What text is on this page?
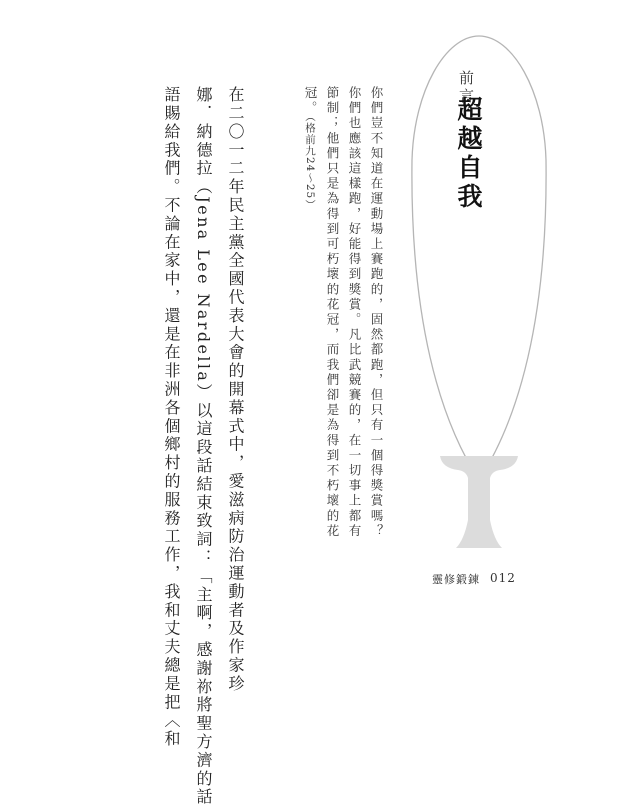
前言
超越自我
你們豈不知道在運動場上賽跑的，固然都跑，但只有一個得獎賞嗎？
你們也應該這樣跑，好能得到獎賞。凡比武競賽的，在一切事上都有
節制；他們只是為得到可朽壞的花冠，而我們卻是為得到不朽壞的花
冠。（格前九24～25）
在二〇一二年民主黨全國代表大會的開幕式中，愛滋病防治運動者及作家珍
娜．納德拉（Jena Lee Nardella）以這段話結束致詞：「主啊，感謝祢將聖方濟的話
語賜給我們。不論在家中，還是在非洲各個鄉村的服務工作，我和丈夫總是把〈和	靈修鍛鍊 012
